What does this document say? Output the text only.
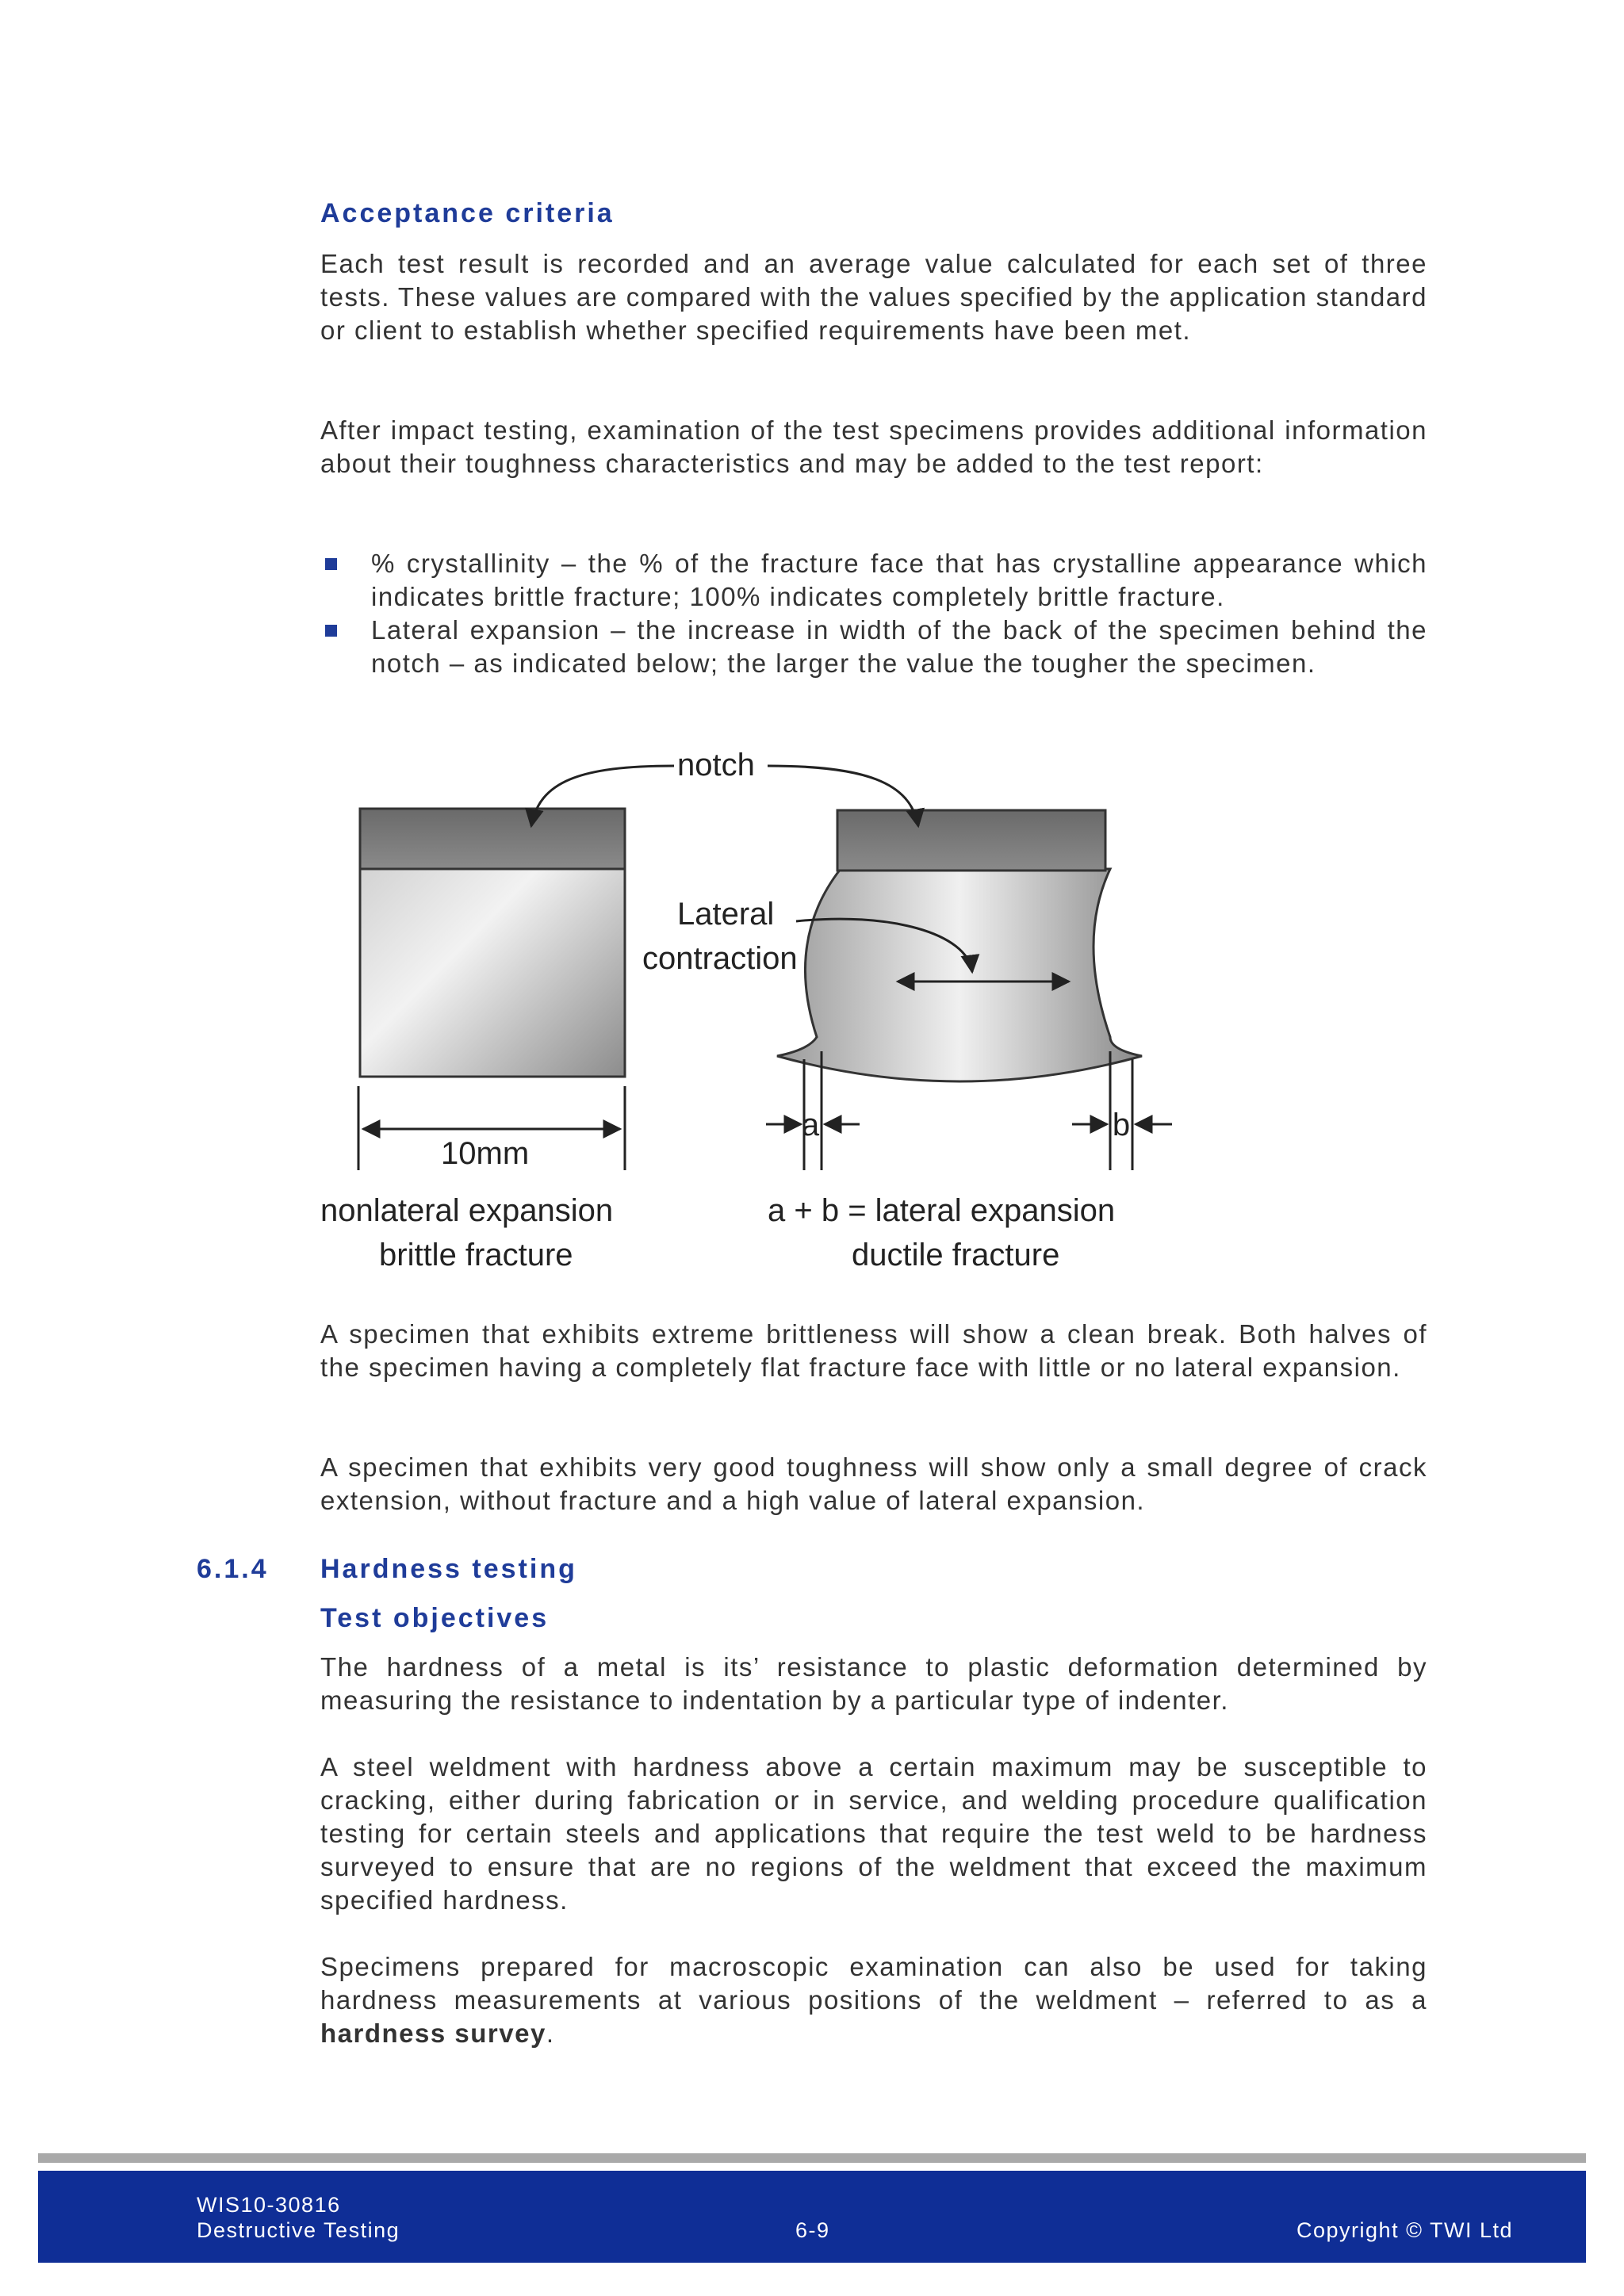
Acceptance criteria

Each test result is recorded and an average value calculated for each set of three tests. These values are compared with the values specified by the application standard or client to establish whether specified requirements have been met.

After impact testing, examination of the test specimens provides additional information about their toughness characteristics and may be added to the test report:

% crystallinity – the % of the fracture face that has crystalline appearance which indicates brittle fracture; 100% indicates completely brittle fracture.
Lateral expansion – the increase in width of the back of the specimen behind the notch – as indicated below; the larger the value the tougher the specimen.
notch
Lateral
contraction
10mm
a	b
nonlateral expansion
brittle fracture
a + b = lateral expansion
ductile fracture

A specimen that exhibits extreme brittleness will show a clean break. Both halves of the specimen having a completely flat fracture face with little or no lateral expansion.

A specimen that exhibits very good toughness will show only a small degree of crack extension, without fracture and a high value of lateral expansion.

6.1.4 Hardness testing
Test objectives

The hardness of a metal is its’ resistance to plastic deformation determined by measuring the resistance to indentation by a particular type of indenter.

A steel weldment with hardness above a certain maximum may be susceptible to cracking, either during fabrication or in service, and welding procedure qualification testing for certain steels and applications that require the test weld to be hardness surveyed to ensure that are no regions of the weldment that exceed the maximum specified hardness.

Specimens prepared for macroscopic examination can also be used for taking hardness measurements at various positions of the weldment – referred to as a hardness survey.

WIS10-30816
Destructive Testing	6-9	Copyright © TWI Ltd
